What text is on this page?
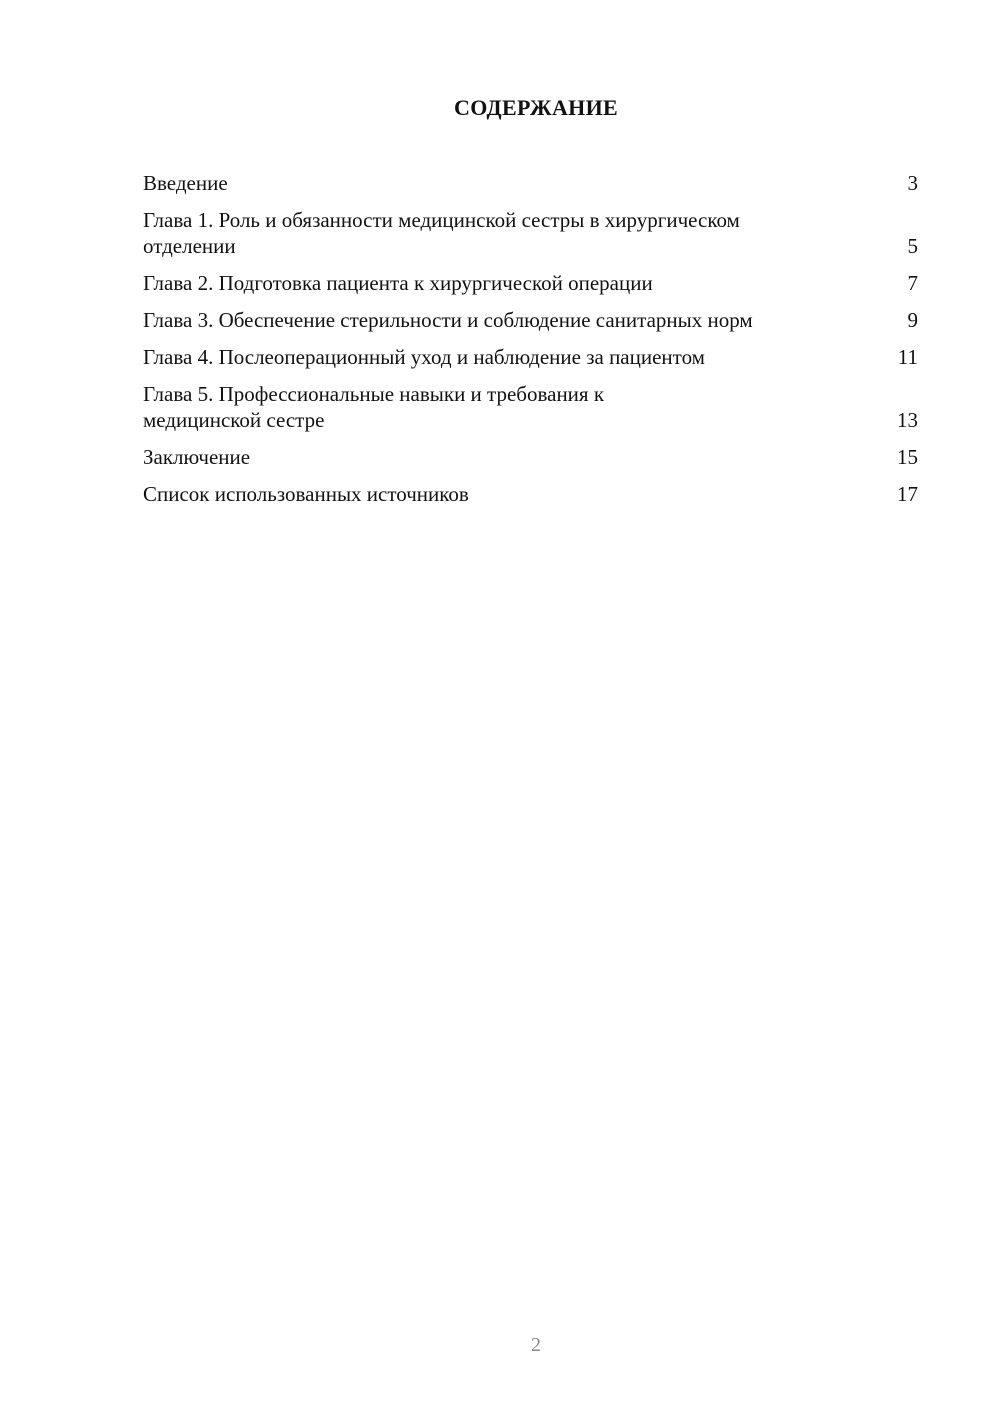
СОДЕРЖАНИЕ
Введение	3
Глава 1. Роль и обязанности медицинской сестры в хирургическом отделении	5
Глава 2. Подготовка пациента к хирургической операции	7
Глава 3. Обеспечение стерильности и соблюдение санитарных норм	9
Глава 4. Послеоперационный уход и наблюдение за пациентом	11
Глава 5. Профессиональные навыки и требования к медицинской сестре	13
Заключение	15
Список использованных источников	17
2
